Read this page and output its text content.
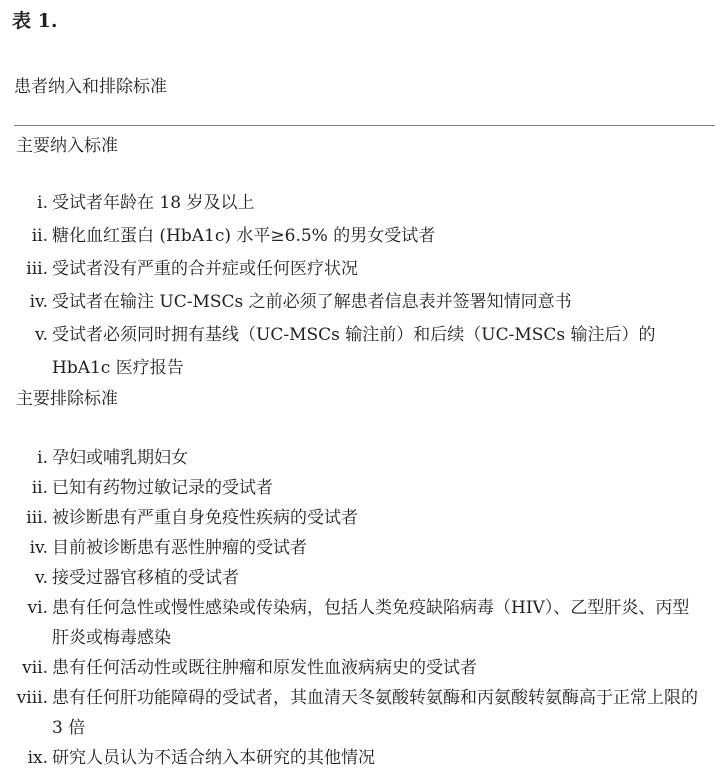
表 1.
患者纳入和排除标准
主要纳入标准
i. 受试者年龄在 18 岁及以上
ii. 糖化血红蛋白 (HbA1c) 水平≥6.5% 的男女受试者
iii. 受试者没有严重的合并症或任何医疗状况
iv. 受试者在输注 UC-MSCs 之前必须了解患者信息表并签署知情同意书
v. 受试者必须同时拥有基线（UC-MSCs 输注前）和后续（UC-MSCs 输注后）的 HbA1c 医疗报告
主要排除标准
i. 孕妇或哺乳期妇女
ii. 已知有药物过敏记录的受试者
iii. 被诊断患有严重自身免疫性疾病的受试者
iv. 目前被诊断患有恶性肿瘤的受试者
v. 接受过器官移植的受试者
vi. 患有任何急性或慢性感染或传染病，包括人类免疫缺陷病毒（HIV）、乙型肝炎、丙型肝炎或梅毒感染
vii. 患有任何活动性或既往肿瘤和原发性血液病病史的受试者
viii. 患有任何肝功能障碍的受试者，其血清天冬氨酸转氨酶和丙氨酸转氨酶高于正常上限的 3 倍
ix. 研究人员认为不适合纳入本研究的其他情况
